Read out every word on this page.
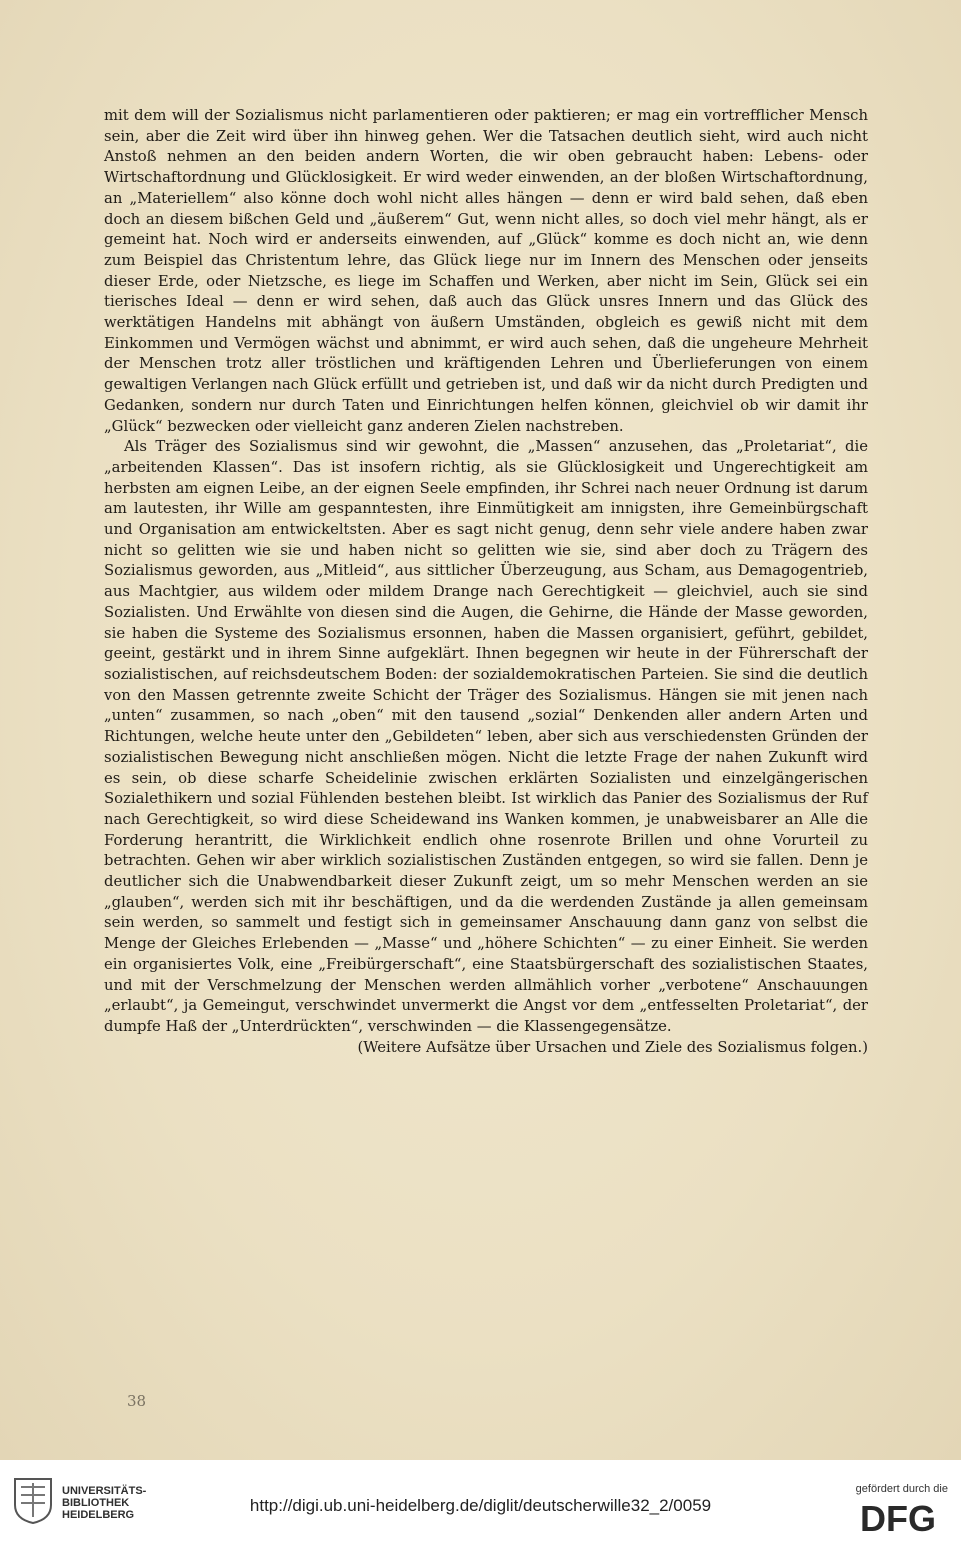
mit dem will der Sozialismus nicht parlamentieren oder paktieren; er mag ein vortrefflicher Mensch sein, aber die Zeit wird über ihn hinweg gehen. Wer die Tatsachen deutlich sieht, wird auch nicht Anstoß nehmen an den beiden andern Worten, die wir oben gebraucht haben: Lebens- oder Wirtschaftordnung und Glücklosigkeit. Er wird weder einwenden, an der bloßen Wirtschaftordnung, an „Materiellem“ also könne doch wohl nicht alles hängen — denn er wird bald sehen, daß eben doch an diesem bißchen Geld und „äußerem“ Gut, wenn nicht alles, so doch viel mehr hängt, als er gemeint hat. Noch wird er anderseits einwenden, auf „Glück“ komme es doch nicht an, wie denn zum Beispiel das Christentum lehre, das Glück liege nur im Innern des Menschen oder jenseits dieser Erde, oder Nietzsche, es liege im Schaffen und Werken, aber nicht im Sein, Glück sei ein tierisches Ideal — denn er wird sehen, daß auch das Glück unsres Innern und das Glück des werktätigen Handelns mit abhängt von äußern Umständen, obgleich es gewiß nicht mit dem Einkommen und Vermögen wächst und abnimmt, er wird auch sehen, daß die ungeheure Mehrheit der Menschen trotz aller tröstlichen und kräftigenden Lehren und Überlieferungen von einem gewaltigen Verlangen nach Glück erfüllt und getrieben ist, und daß wir da nicht durch Predigten und Gedanken, sondern nur durch Taten und Einrichtungen helfen können, gleichviel ob wir damit ihr „Glück“ bezwecken oder vielleicht ganz anderen Zielen nachstreben.

Als Träger des Sozialismus sind wir gewohnt, die „Massen“ anzusehen, das „Proletariat“, die „arbeitenden Klassen“. Das ist insofern richtig, als sie Glücklosigkeit und Ungerechtigkeit am herbsten am eignen Leibe, an der eignen Seele empfinden, ihr Schrei nach neuer Ordnung ist darum am lautesten, ihr Wille am gespanntesten, ihre Einmütigkeit am innigsten, ihre Gemeinbürgschaft und Organisation am entwickeltsten. Aber es sagt nicht genug, denn sehr viele andere haben zwar nicht so gelitten wie sie und haben nicht so gelitten wie sie, sind aber doch zu Trägern des Sozialismus geworden, aus „Mitleid“, aus sittlicher Überzeugung, aus Scham, aus Demagogentrieb, aus Machtgier, aus wildem oder mildem Drange nach Gerechtigkeit — gleichviel, auch sie sind Sozialisten. Und Erwählte von diesen sind die Augen, die Gehirne, die Hände der Masse geworden, sie haben die Systeme des Sozialismus ersonnen, haben die Massen organisiert, geführt, gebildet, geeint, gestärkt und in ihrem Sinne aufgeklärt. Ihnen begegnen wir heute in der Führerschaft der sozialistischen, auf reichsdeutschem Boden: der sozialdemokratischen Parteien. Sie sind die deutlich von den Massen getrennte zweite Schicht der Träger des Sozialismus. Hängen sie mit jenen nach „unten“ zusammen, so nach „oben“ mit den tausend „sozial“ Denkenden aller andern Arten und Richtungen, welche heute unter den „Gebildeten“ leben, aber sich aus verschiedensten Gründen der sozialistischen Bewegung nicht anschließen mögen. Nicht die letzte Frage der nahen Zukunft wird es sein, ob diese scharfe Scheidelinie zwischen erklärten Sozialisten und einzelgängerischen Sozialethikern und sozial Fühlenden bestehen bleibt. Ist wirklich das Panier des Sozialismus der Ruf nach Gerechtigkeit, so wird diese Scheidewand ins Wanken kommen, je unabweisbarer an Alle die Forderung herantritt, die Wirklichkeit endlich ohne rosenrote Brillen und ohne Vorurteil zu betrachten. Gehen wir aber wirklich sozialistischen Zuständen entgegen, so wird sie fallen. Denn je deutlicher sich die Unabwendbarkeit dieser Zukunft zeigt, um so mehr Menschen werden an sie „glauben“, werden sich mit ihr beschäftigen, und da die werdenden Zustände ja allen gemeinsam sein werden, so sammelt und festigt sich in gemeinsamer Anschauung dann ganz von selbst die Menge der Gleiches Erlebenden — „Masse“ und „höhere Schichten“ — zu einer Einheit. Sie werden ein organisiertes Volk, eine „Freibürgerschaft“, eine Staatsbürgerschaft des sozialistischen Staates, und mit der Verschmelzung der Menschen werden allmählich vorher „verbotene“ Anschauungen „erlaubt“, ja Gemeingut, verschwindet unvermerkt die Angst vor dem „entfesselten Proletariat“, der dumpfe Haß der „Unterdrückten“, verschwinden — die Klassengegensätze.

(Weitere Aufsätze über Ursachen und Ziele des Sozialismus folgen.)

38
UNIVERSITÄTS-
BIBLIOTHEK
HEIDELBERG	http://digi.ub.uni-heidelberg.de/diglit/deutscherwille32_2/0059
gefördert durch die
DFG
